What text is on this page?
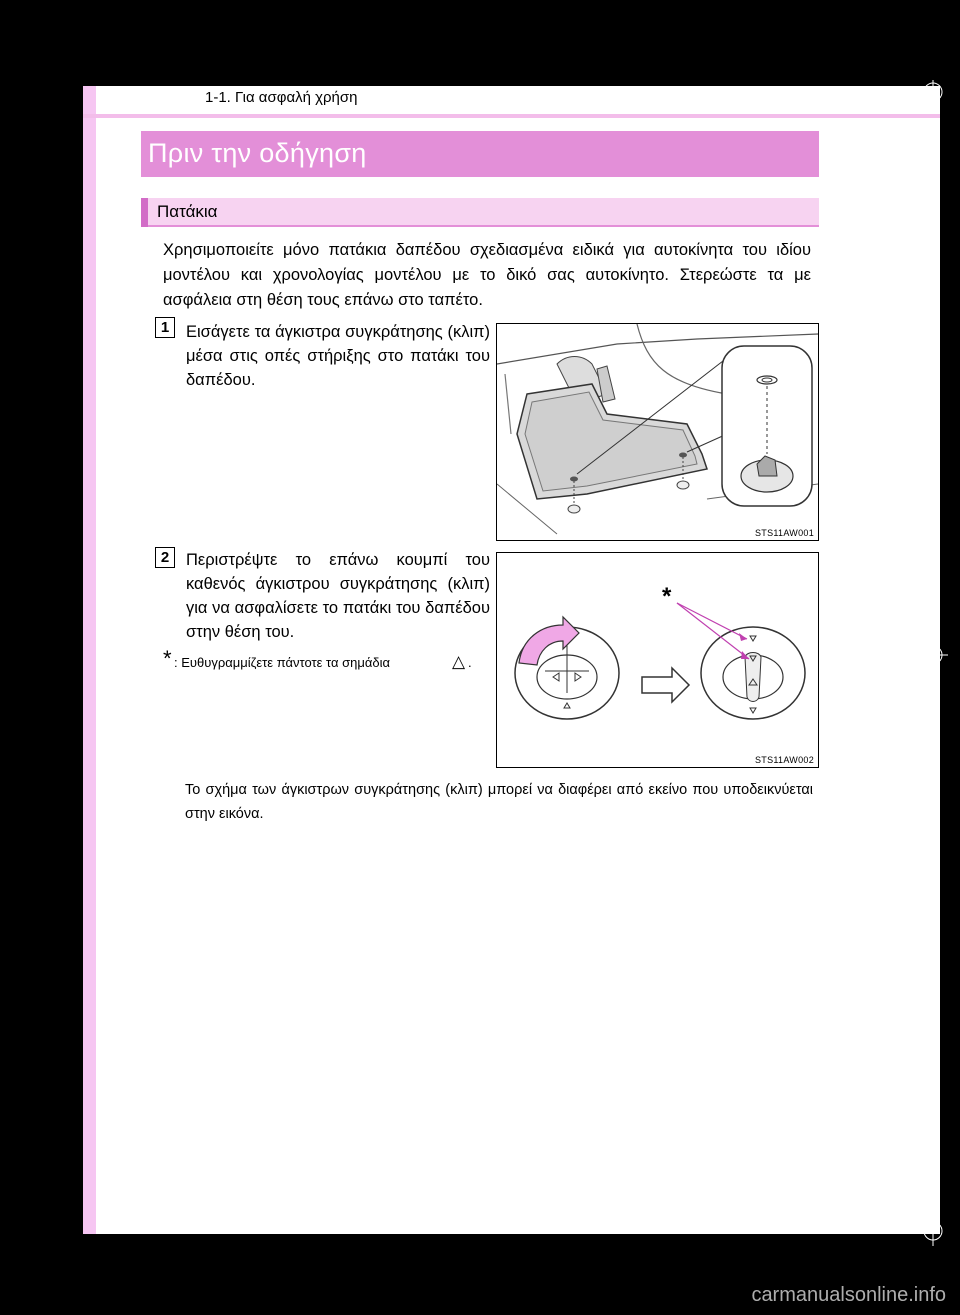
1-1. Για ασφαλή χρήση
Πριν την οδήγηση
Πατάκια
Χρησιμοποιείτε μόνο πατάκια δαπέδου σχεδιασμένα ειδικά για αυτοκίνητα του ιδίου μοντέλου και χρονολογίας μοντέλου με το δικό σας αυτοκίνητο. Στερεώστε τα με ασφάλεια στη θέση τους επάνω στο ταπέτο.
1	Εισάγετε τα άγκιστρα συγκράτησης (κλιπ) μέσα στις οπές στήριξης στο πατάκι του δαπέδου.
STS11AW001
2	Περιστρέψτε το επάνω κουμπί του καθενός άγκιστρου συγκράτησης (κλιπ) για να ασφαλίσετε το πατάκι του δαπέδου στην θέση του.
* : Ευθυγραμμίζετε πάντοτε τα σημάδια	△ .
*
STS11AW002
Το σχήμα των άγκιστρων συγκράτησης (κλιπ) μπορεί να διαφέρει από εκείνο που υποδεικνύεται στην εικόνα.
carmanualsonline.info
